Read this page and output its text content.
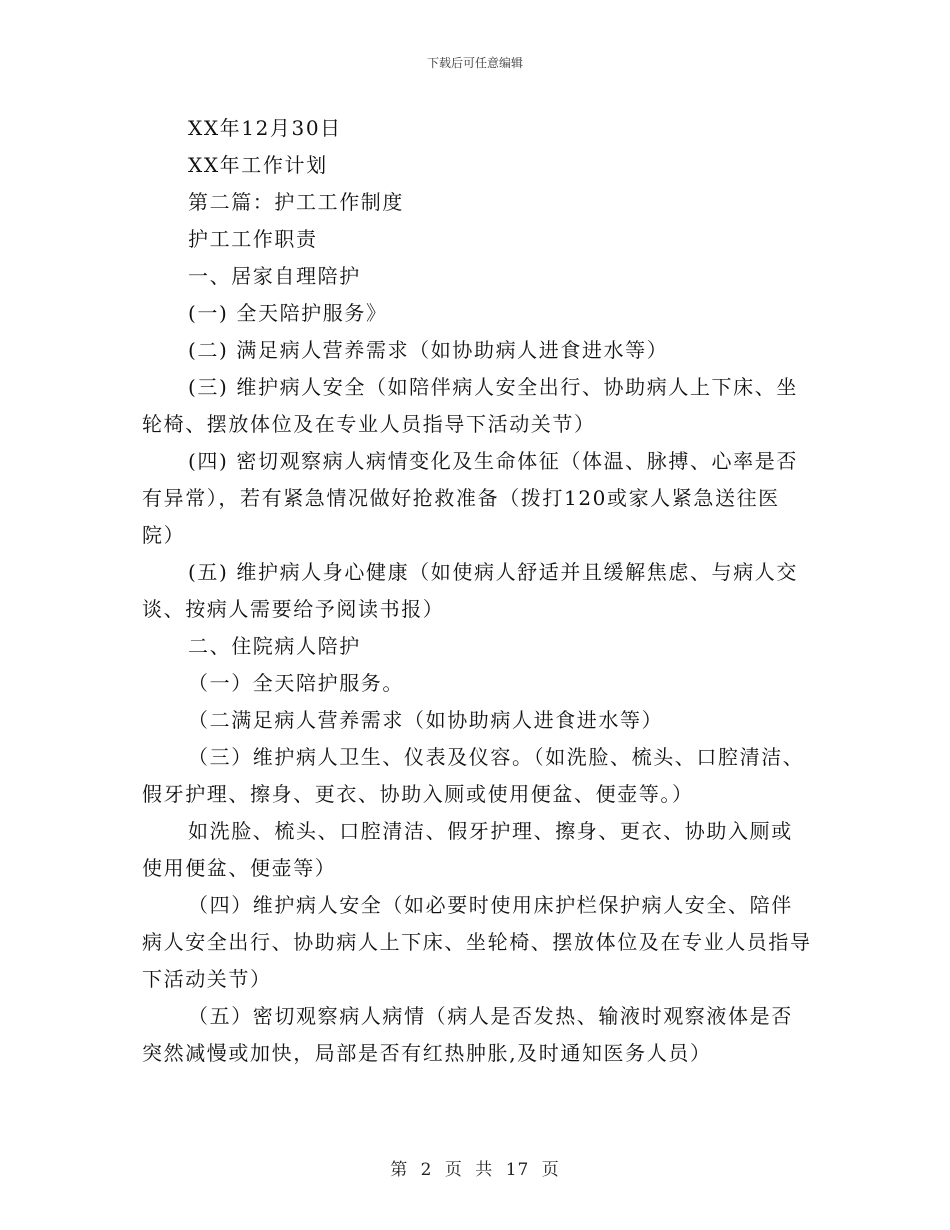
下载后可任意编辑

XX年12月30日

XX年工作计划

第二篇：护工工作制度

护工工作职责

一、居家自理陪护

(一) 全天陪护服务》

(二) 满足病人营养需求（如协助病人进食进水等）

(三) 维护病人安全（如陪伴病人安全出行、协助病人上下床、坐轮椅、摆放体位及在专业人员指导下活动关节）

(四) 密切观察病人病情变化及生命体征（体温、脉搏、心率是否有异常），若有紧急情况做好抢救准备（拨打120或家人紧急送往医院）

(五) 维护病人身心健康（如使病人舒适并且缓解焦虑、与病人交谈、按病人需要给予阅读书报）

二、住院病人陪护

（一）全天陪护服务。

（二满足病人营养需求（如协助病人进食进水等）

（三）维护病人卫生、仪表及仪容。（如洗脸、梳头、口腔清洁、假牙护理、擦身、更衣、协助入厕或使用便盆、便壶等。）

如洗脸、梳头、口腔清洁、假牙护理、擦身、更衣、协助入厕或使用便盆、便壶等）

（四）维护病人安全（如必要时使用床护栏保护病人安全、陪伴病人安全出行、协助病人上下床、坐轮椅、摆放体位及在专业人员指导下活动关节）

（五）密切观察病人病情（病人是否发热、输液时观察液体是否突然减慢或加快，局部是否有红热肿胀,及时通知医务人员）

第 2 页 共 17 页
